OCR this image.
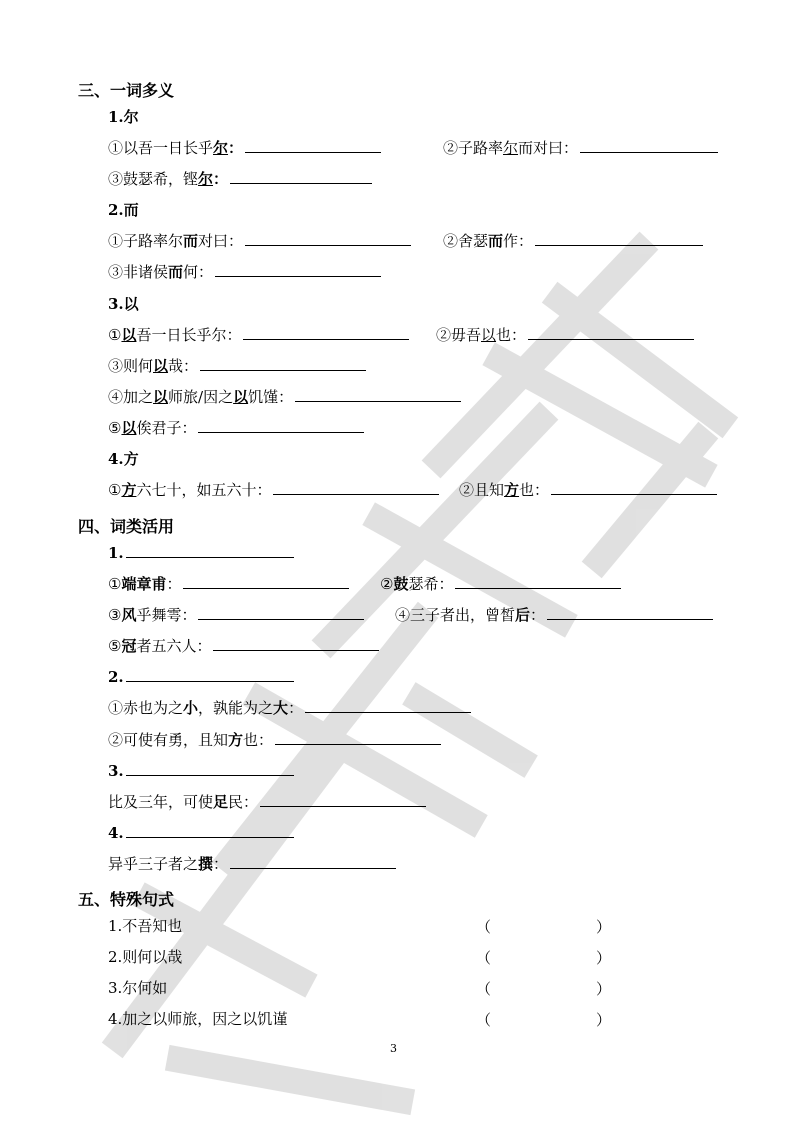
三、一词多义
1.尔
①以吾一日长乎尔：	②子路率尔而对曰：
③鼓瑟希，铿尔：
2.而
①子路率尔而对曰：	②舍瑟而作：
③非诸侯而何：
3.以
①以吾一日长乎尔：	②毋吾以也：
③则何以哉：
④加之以师旅/因之以饥馑：
⑤以俟君子：
4.方
①方六七十，如五六十：	②且知方也：
四、词类活用
1.
①端章甫：	②鼓瑟希：
③风乎舞雩：	④三子者出，曾皙后：
⑤冠者五六人：
2.
①赤也为之小，孰能为之大：
②可使有勇，且知方也：
3.
比及三年，可使足民：
4.
异乎三子者之撰：
五、特殊句式
1.不吾知也	（	）
2.则何以哉	（	）
3.尔何如	（	）
4.加之以师旅，因之以饥谨	（	）
3
